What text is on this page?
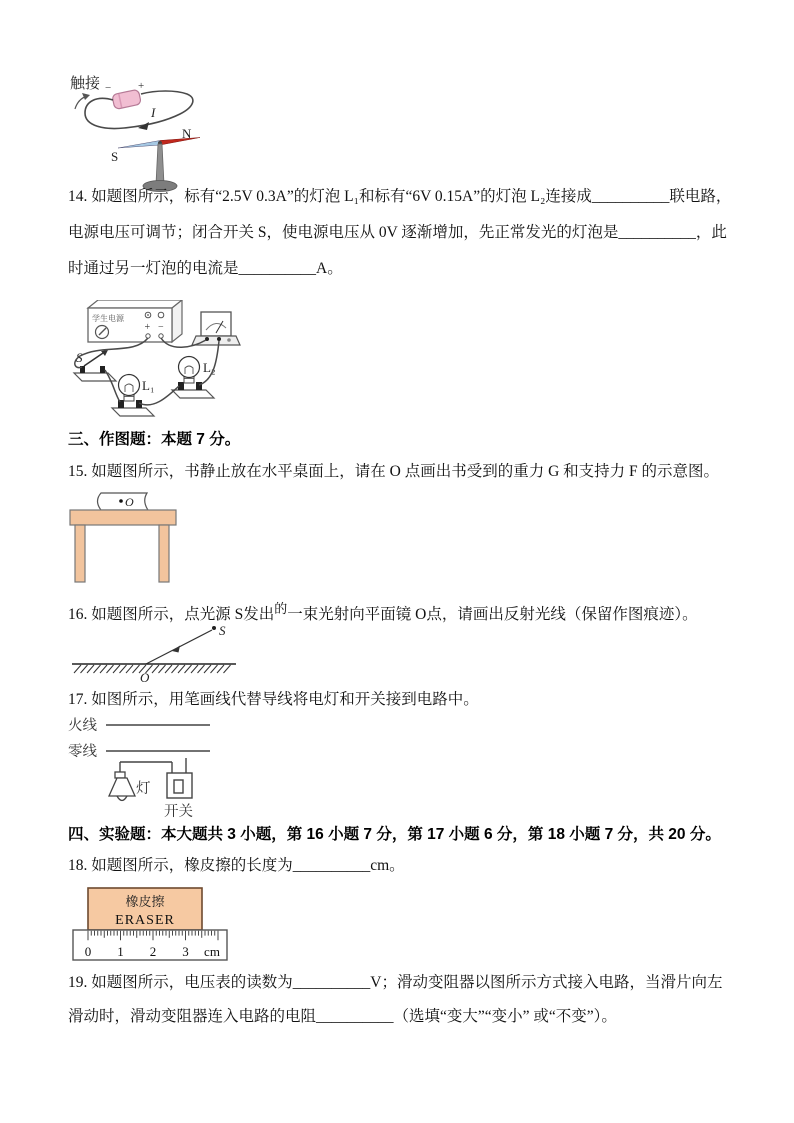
触接 − +
I
S
N

14. 如题图所示，标有“2.5V 0.3A”的灯泡 L₁和标有“6V 0.15A”的灯泡 L₂连接成__________联电路，电源电压可调节；闭合开关 S，使电源电压从 0V 逐渐增加，先正常发光的灯泡是__________，此时通过另一灯泡的电流是__________A。

学生电源
+ −
S
L₁
L₂

三、作图题：本题 7 分。

15. 如题图所示，书静止放在水平桌面上，请在 O 点画出书受到的重力 G 和支持力 F 的示意图。

O

16. 如题图所示，点光源 S发出$^的$一束光射向平面镜 O点，请画出反射光线（保留作图痕迹）。

S
O

17. 如图所示，用笔画线代替导线将电灯和开关接到电路中。

火线
零线
灯
开关

四、实验题：本大题共 3 小题，第 16 小题 7 分，第 17 小题 6 分，第 18 小题 7 分，共 20 分。

18. 如题图所示，橡皮擦的长度为__________cm。

橡皮擦
ERASER
0 1 2 3 cm

19. 如题图所示，电压表的读数为__________V；滑动变阻器以图所示方式接入电路，当滑片向左滑动时，滑动变阻器连入电路的电阻__________（选填“变大”“变小” 或“不变”）。
